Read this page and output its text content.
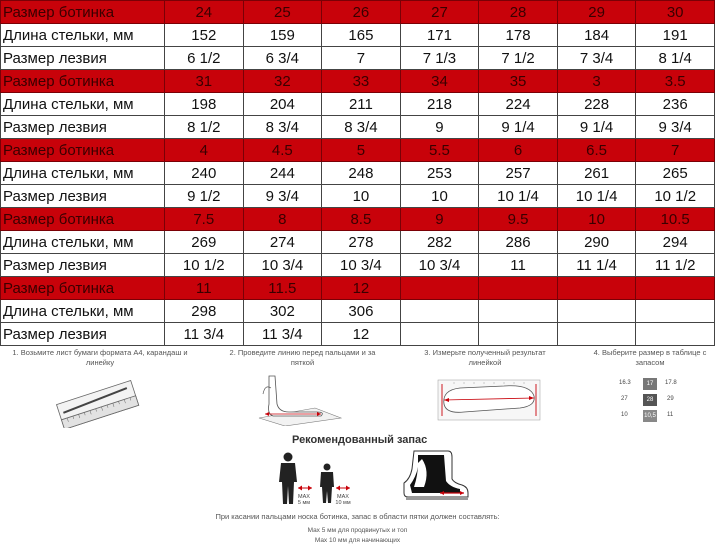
Размер ботинка	24	25	26	27	28	29	30
Длина стельки, мм	152	159	165	171	178	184	191
Размер лезвия	6 1/2	6 3/4	7	7 1/3	7 1/2	7 3/4	8 1/4
Размер ботинка	31	32	33	34	35	3	3.5
Длина стельки, мм	198	204	211	218	224	228	236
Размер лезвия	8 1/2	8 3/4	8 3/4	9	9 1/4	9 1/4	9 3/4
Размер ботинка	4	4.5	5	5.5	6	6.5	7
Длина стельки, мм	240	244	248	253	257	261	265
Размер лезвия	9 1/2	9 3/4	10	10	10 1/4	10 1/4	10 1/2
Размер ботинка	7.5	8	8.5	9	9.5	10	10.5
Длина стельки, мм	269	274	278	282	286	290	294
Размер лезвия	10 1/2	10 3/4	10 3/4	10 3/4	11	11 1/4	11 1/2
Размер ботинка	11	11.5	12				
Длина стельки, мм	298	302	306				
Размер лезвия	11 3/4	11 3/4	12				
1. Возьмите лист бумаги формата А4, карандаш и линейку
2. Проведите линию перед пальцами и за пяткой
3. Измерьте полученный результат линейкой
4. Выберите размер в таблице с запасом
16.3	17	17.8
27	28	29
10	10,5 11
Рекомендованный запас
MAX
5 мм
MAX
10 мм
При касании пальцами носка ботинка, запас в области пятки должен составлять:
Max 5 мм для продвинутых и топ
Max 10 мм для начинающих
